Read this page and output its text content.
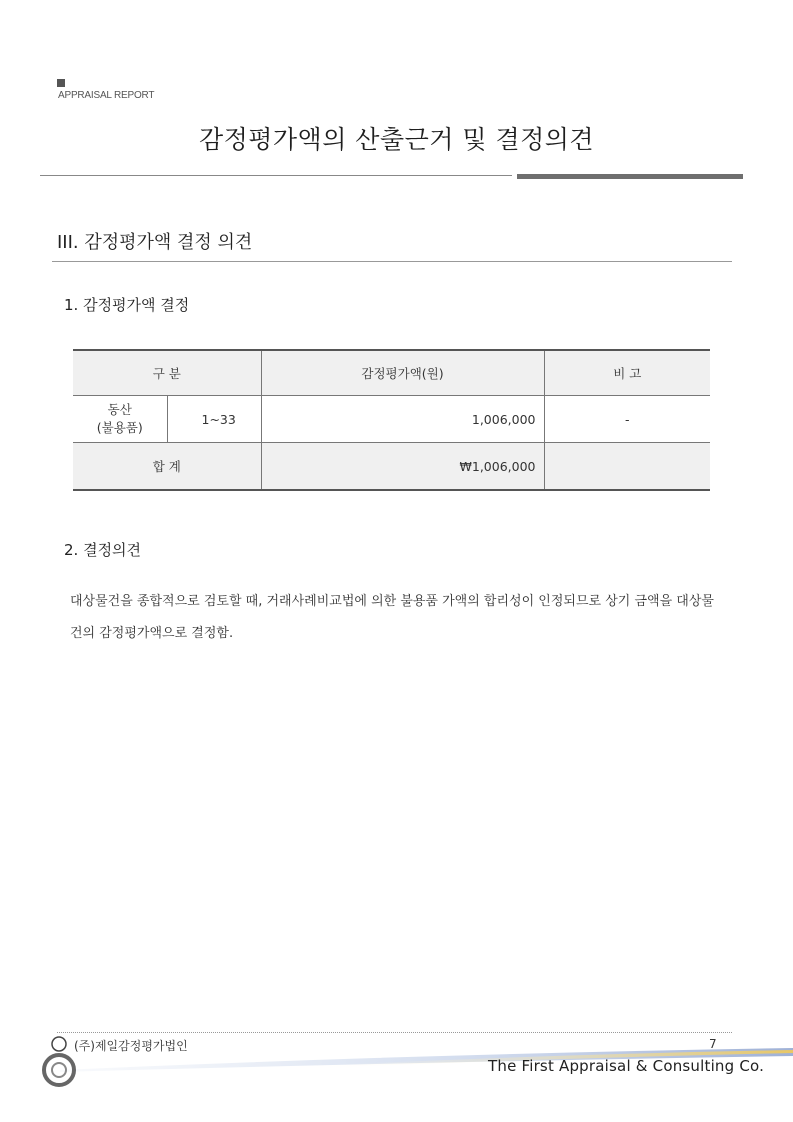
APPRAISAL REPORT
감정평가액의 산출근거 및 결정의견
III. 감정평가액 결정 의견
1. 감정평가액 결정
구 분		감정평가액(원)	비 고
동산
(불용품)	1~33	1,006,000	-
합 계		₩1,006,000	
2. 결정의견
대상물건을 종합적으로 검토할 때, 거래사례비교법에 의한 불용품 가액의 합리성이 인정되므로 상기 금액을 대상물건의 감정평가액으로 결정함.
(주)제일감정평가법인	7
The First Appraisal & Consulting Co.
